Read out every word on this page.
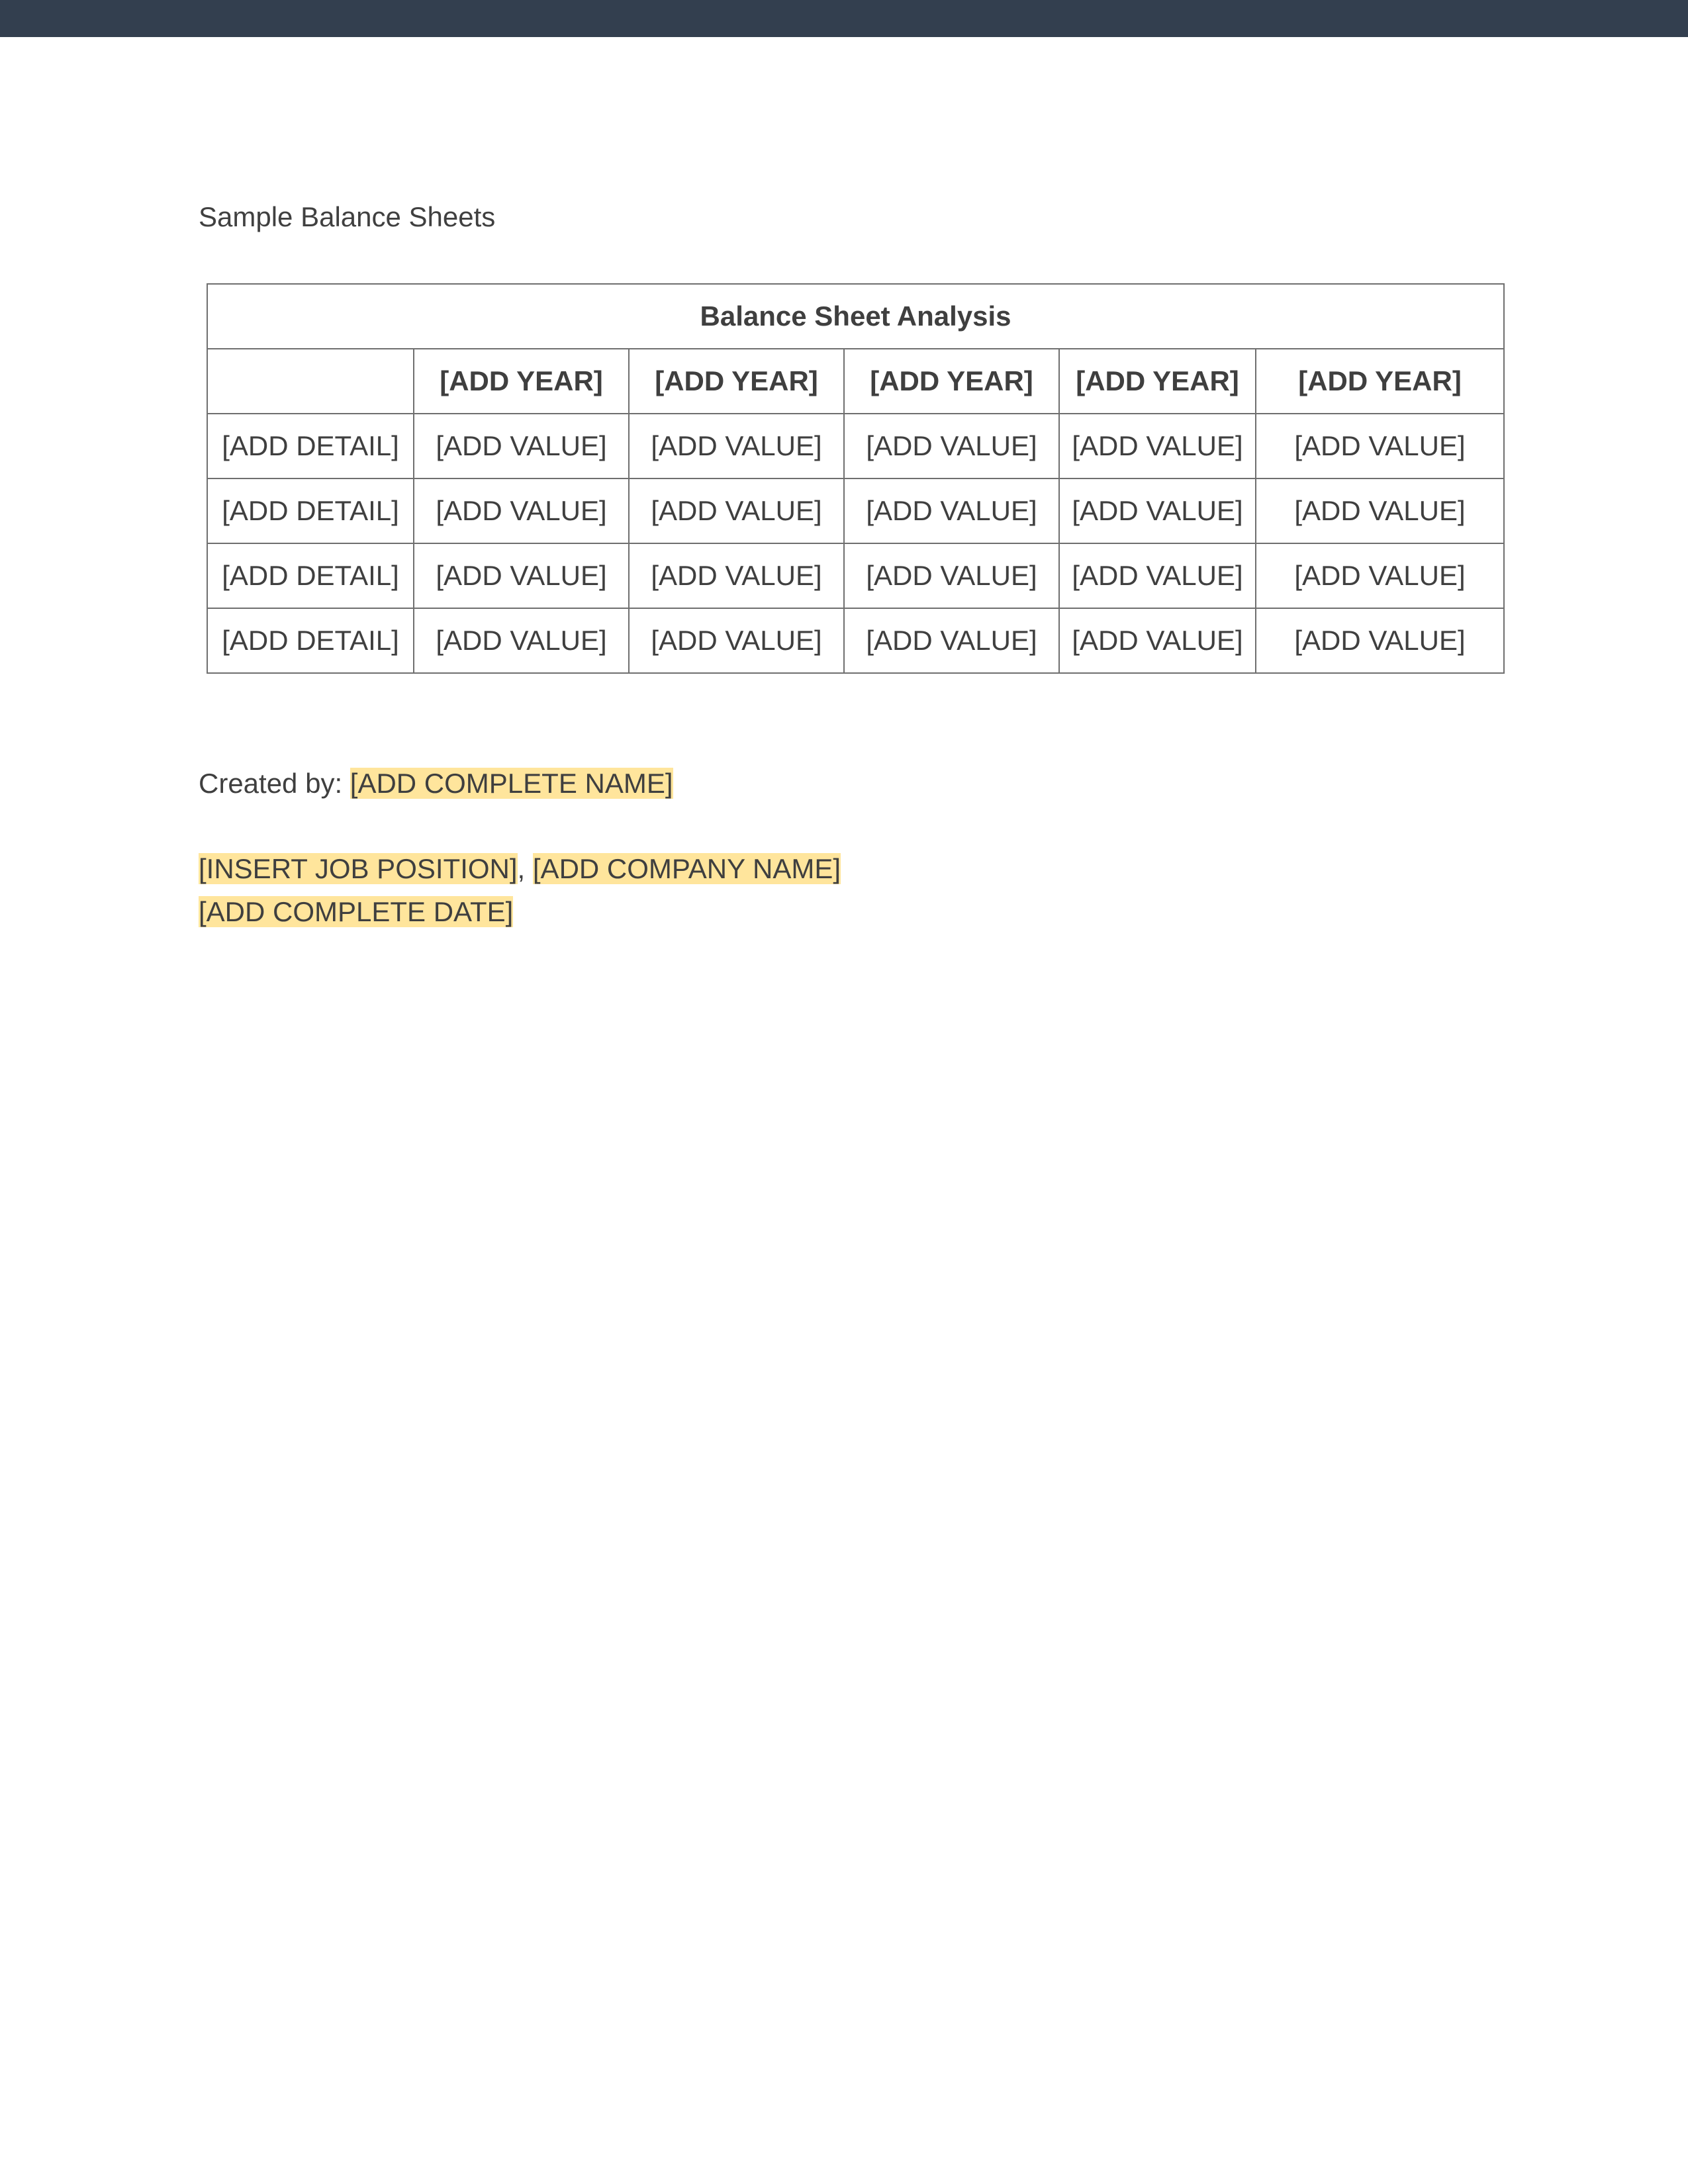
Sample Balance Sheets
Balance Sheet Analysis					
	[ADD YEAR]	[ADD YEAR]	[ADD YEAR]	[ADD YEAR]	[ADD YEAR]
[ADD DETAIL]	[ADD VALUE]	[ADD VALUE]	[ADD VALUE]	[ADD VALUE]	[ADD VALUE]
[ADD DETAIL]	[ADD VALUE]	[ADD VALUE]	[ADD VALUE]	[ADD VALUE]	[ADD VALUE]
[ADD DETAIL]	[ADD VALUE]	[ADD VALUE]	[ADD VALUE]	[ADD VALUE]	[ADD VALUE]
[ADD DETAIL]	[ADD VALUE]	[ADD VALUE]	[ADD VALUE]	[ADD VALUE]	[ADD VALUE]
Created by: [ADD COMPLETE NAME]
[INSERT JOB POSITION], [ADD COMPANY NAME]
[ADD COMPLETE DATE]
